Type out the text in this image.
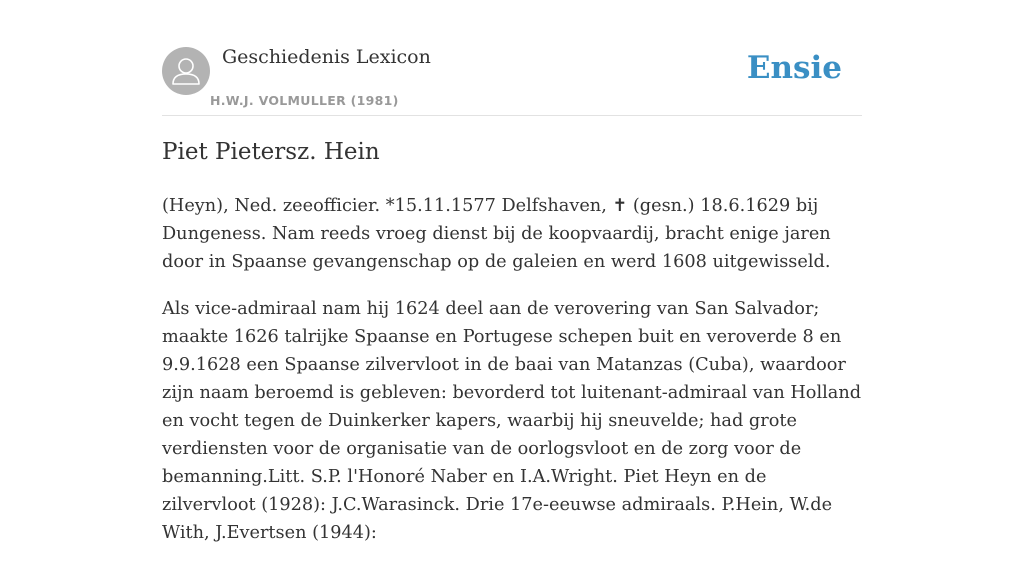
Geschiedenis Lexicon
H.W.J. VOLMULLER (1981)
Ensie
Piet Pietersz. Hein

(Heyn), Ned. zeeofficier. *15.11.1577 Delfshaven, ✝ (gesn.) 18.6.1629 bij Dungeness. Nam reeds vroeg dienst bij de koopvaardij, bracht enige jaren door in Spaanse gevangenschap op de galeien en werd 1608 uitgewisseld.

Als vice-admiraal nam hij 1624 deel aan de verovering van San Salvador; maakte 1626 talrijke Spaanse en Portugese schepen buit en veroverde 8 en 9.9.1628 een Spaanse zilvervloot in de baai van Matanzas (Cuba), waardoor zijn naam beroemd is gebleven: bevorderd tot luitenant-admiraal van Holland en vocht tegen de Duinkerker kapers, waarbij hij sneuvelde; had grote verdiensten voor de organisatie van de oorlogsvloot en de zorg voor de bemanning.Litt. S.P. l'Honoré Naber en I.A.Wright. Piet Heyn en de zilvervloot (1928): J.C.Warasinck. Drie 17e-eeuwse admiraals. P.Hein, W.de With, J.Evertsen (1944):
